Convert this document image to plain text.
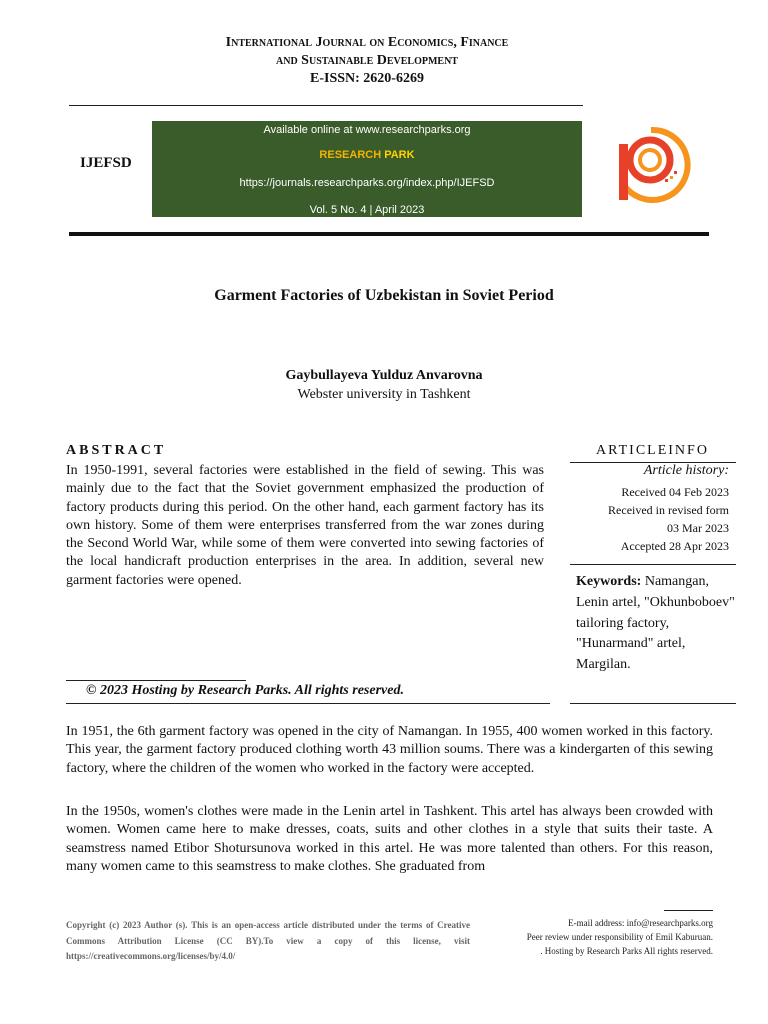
International Journal on Economics, Finance
and Sustainable Development
E-ISSN: 2620-6269
IJEFSD
Available online at www.researchparks.org
RESEARCH PARK
https://journals.researchparks.org/index.php/IJEFSD
Vol. 5 No. 4 | April 2023
Garment Factories of Uzbekistan in Soviet Period
Gaybullayeva Yulduz Anvarovna
Webster university in Tashkent
ABSTRACT

In 1950-1991, several factories were established in the field of sewing. This was mainly due to the fact that the Soviet government emphasized the production of factory products during this period. On the other hand, each garment factory has its own history. Some of them were enterprises transferred from the war zones during the Second World War, while some of them were converted into sewing factories of the local handicraft production enterprises in the area. In addition, several new garment factories were opened.

© 2023 Hosting by Research Parks. All rights reserved.
ARTICLEINFO
Article history:
Received 04 Feb 2023
Received in revised form
03 Mar 2023
Accepted 28 Apr 2023
Keywords: Namangan, Lenin artel, "Okhunboboev" tailoring factory, "Hunarmand" artel, Margilan.

In 1951, the 6th garment factory was opened in the city of Namangan. In 1955, 400 women worked in this factory. This year, the garment factory produced clothing worth 43 million soums. There was a kindergarten of this sewing factory, where the children of the women who worked in the factory were accepted.

In the 1950s, women's clothes were made in the Lenin artel in Tashkent. This artel has always been crowded with women. Women came here to make dresses, coats, suits and other clothes in a style that suits their taste. A seamstress named Etibor Shotursunova worked in this artel. He was more talented than others. For this reason, many women came to this seamstress to make clothes. She graduated from

Copyright (c) 2023 Author (s). This is an open-access article distributed under the terms of Creative Commons Attribution License (CC BY).To view a copy of this license, visit https://creativecommons.org/licenses/by/4.0/
E-mail address: info@researchparks.org
Peer review under responsibility of Emil Kaburuan.
. Hosting by Research Parks All rights reserved.
